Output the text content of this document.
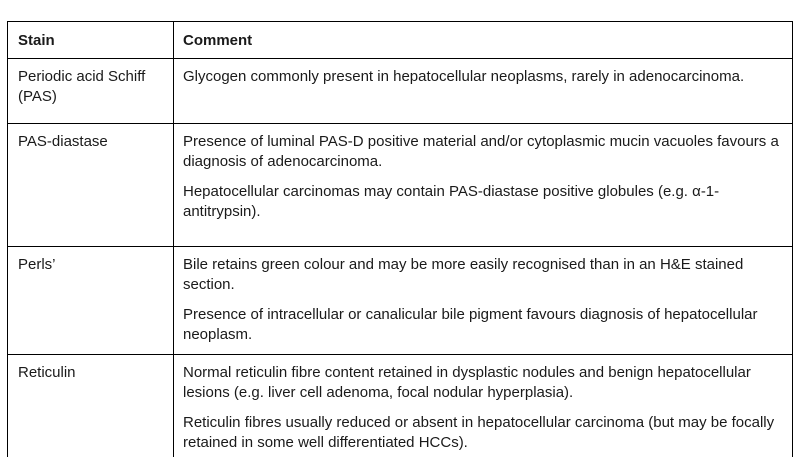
Stain	Comment
Periodic acid Schiff (PAS)	Glycogen commonly present in hepatocellular neoplasms, rarely in adenocarcinoma.

PAS-diastase	Presence of luminal PAS-D positive material and/or cytoplasmic mucin vacuoles favours a diagnosis of adenocarcinoma.

Hepatocellular carcinomas may contain PAS-diastase positive globules (e.g. α-1-antitrypsin).

Perls’	Bile retains green colour and may be more easily recognised than in an H&E stained section.

Presence of intracellular or canalicular bile pigment favours diagnosis of hepatocellular neoplasm.

Reticulin	Normal reticulin fibre content retained in dysplastic nodules and benign hepatocellular lesions (e.g. liver cell adenoma, focal nodular hyperplasia).

Reticulin fibres usually reduced or absent in hepatocellular carcinoma (but may be focally retained in some well differentiated HCCs).
